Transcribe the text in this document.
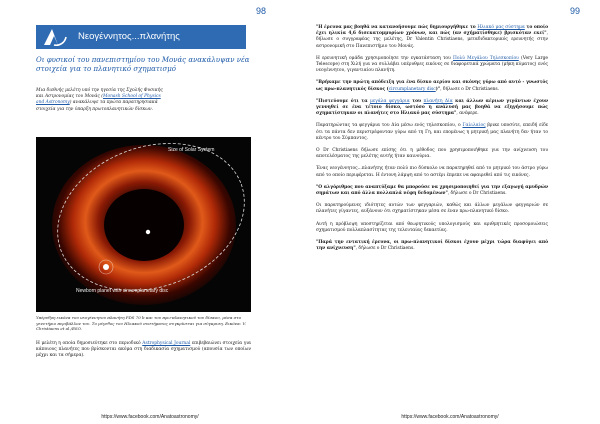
98
Νεογέννητος...πλανήτης
Οι φυσικοί του πανεπιστημίου του Μονάς ανακάλυψαν νέα στοιχεία για το πλανητικό σχηματισμό
Μια διεθνής μελέτη υπό την ηγεσία της Σχολής Φυσικής και Αστρονομίας του Μονάς (Monash School of Physics and Astronomy) ανακάλυψε τα πρώτα παρατηρησιακά στοιχεία για την ύπαρξη πρωτοπλανητικών δίσκων.
Size of Solar System
Newborn planet with circumplanetary disc
Υπέρυθρη εικόνα του νεογέννητου πλανήτη PDS 70 b και του πρω-πλανητικού του δίσκου, μέσα στο γενετήριο περιβάλλον του. Το μέγεθος του Ηλιακού συστήματος συγκρίνεται για σύγκριση. Εικόνα: V. Christiaens et al./ESO.
Η μελέτη η οποία δημοσιεύτηκε στο περιοδικό Astrophysical Journal επιβεβαιώνει στοιχεία για κάποιους πλανήτες που βρίσκονται ακόμα στη διαδικασία σχηματισμού (απουσία των οποίων μέχρι και τα σήμερα).
https://www.facebook.com/Anatoastronomy/
99

"Η έρευνα μας βοηθά να κατανοήσουμε πώς δημιουργήθηκε το Ηλιακό μας σύστημα το οποίο έχει ηλικία 4,6 δισεκατομμυρίων χρόνων, και πώς (αν σχήματίσθηκε) βρισκόταν εκεί", δήλωσε ο συγγραφέας της μελέτης, Dr Valentin Christiaens, μεταδιδακτορικός ερευνητής στην αστρονομική στο Πανεπιστήμιο του Μονάς.

Η ερευνητική ομάδα χρησιμοποίησε την εγκατάσταση του Πολύ Μεγάλου Τηλεσκοπίου (Very Large Telescope) στη Χιλή για να συλλάβει υπέρυθρες εικόνες σε διαφορετικά χρώματα (μήκη κύματος) ενός νεογέννητου, γιγαντιαίου πλανήτη.

"Βρήκαμε την πρώτη απόδειξη για ένα δίσκο αερίου και σκόνης γύρω από αυτό - γνωστός ως πρω-πλανητικός δίσκος (circumplanetary disc)", δήλωσε ο Dr Christiaens.

"Πιστεύουμε ότι τα μεγάλα φεγγάρια του πλανήτη Δία και άλλων αέριων γιγάντων έχουν γεννηθεί σε ένα τέτοιο δίσκο, ωστόσο η ανάλυσή μας βοηθά να εξηγήσουμε πώς σχηματίστηκαν οι πλανήτες στο Ηλιακό μας σύστημα", ανέφερε.

Παρατηρώντας τα φεγγάρια του Δία μέσω ενός τηλεσκοπίου, ο Γαλιλαίος βρικε υποσύτε, επειδή είδε ότι τα πάντα δεν περιστρέφονταν γύρω από τη Γη, και επομένως η μητρική μας πλανήτη δεν ήταν το κέντρο του Σύμπαντος.

Ο Dr Christiaens δήλωσε επίσης ότι η μέθοδος που χρησιμοποιήθηκε για την ανίχνευση του αποτελέσματος της μελέτης αυτής ήταν καινούρια.

Ένας νεογέννητος...πλανήτης ήταν πολύ πιο δύσκολο να παρατηρηθεί από το μητρικό του άστρο γύρω από το οποίο περιφέρεται. Η έντονη λάμψη από το αστέρι έπρεπε να αφαιρεθεί από τις εικόνες.

"Ο αλγόριθμος που αναπτύξαμε θα μπορούσε να χρησιμοποιηθεί για την εξαγωγή αμυδρών σημάτων και από άλλα πολλαπλά νέφη δεδομένων", δήλωσε ο Dr Christiaens.

Οι παρατηρούμενες ιδιότητες αυτών των φεγγαριών, καθώς και άλλων μεγάλων φεγγαριών σε πλανήτες γίγαντες, αυξάνουν ότι σχηματίστηκαν μέσα σε έναν πρω-πλανητικό δίσκο.

Αυτή η πρόβλεψη υποστηρίζεται από θεωρητικούς υπολογισμούς και αριθμητικές προσομοιώσεις σχηματισμού πολλαπλασίτητας της τελευταίας δεκαετίας.

"Παρά την εντατική έρευνα, οι πρω-πλανητικοί δίσκοι έχουν μέχρι τώρα διαφύγει από την ανίχνευση", δήλωσε ο Dr Christiaens.

https://www.facebook.com/Anatoastronomy/
